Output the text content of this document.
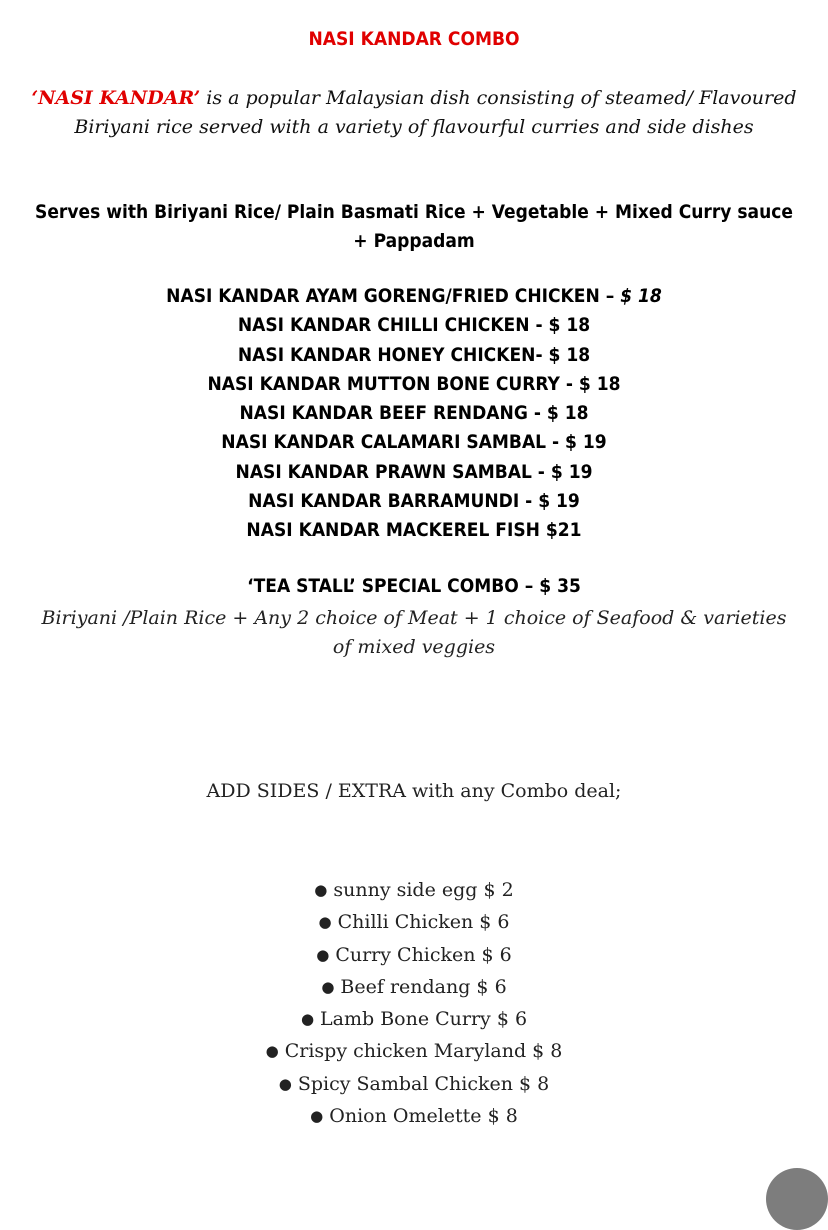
NASI KANDAR COMBO
‘NASI KANDAR’ is a popular Malaysian dish consisting of steamed/ Flavoured Biriyani rice served with a variety of flavourful curries and side dishes
Serves with Biriyani Rice/ Plain Basmati Rice + Vegetable + Mixed Curry sauce + Pappadam
NASI KANDAR AYAM GORENG/FRIED CHICKEN – $ 18
NASI KANDAR CHILLI CHICKEN - $ 18
NASI KANDAR HONEY CHICKEN- $ 18
NASI KANDAR MUTTON BONE CURRY - $ 18
NASI KANDAR BEEF RENDANG - $ 18
NASI KANDAR CALAMARI SAMBAL - $ 19
NASI KANDAR PRAWN SAMBAL - $ 19
NASI KANDAR BARRAMUNDI - $ 19
NASI KANDAR MACKEREL FISH $21
‘TEA STALL’ SPECIAL COMBO – $ 35
Biriyani /Plain Rice + Any 2 choice of Meat + 1 choice of Seafood & varieties of mixed veggies
ADD SIDES / EXTRA with any Combo deal;
● sunny side egg $ 2
● Chilli Chicken $ 6
● Curry Chicken $ 6
● Beef rendang $ 6
● Lamb Bone Curry $ 6
● Crispy chicken Maryland $ 8
● Spicy Sambal Chicken $ 8
● Onion Omelette $ 8
